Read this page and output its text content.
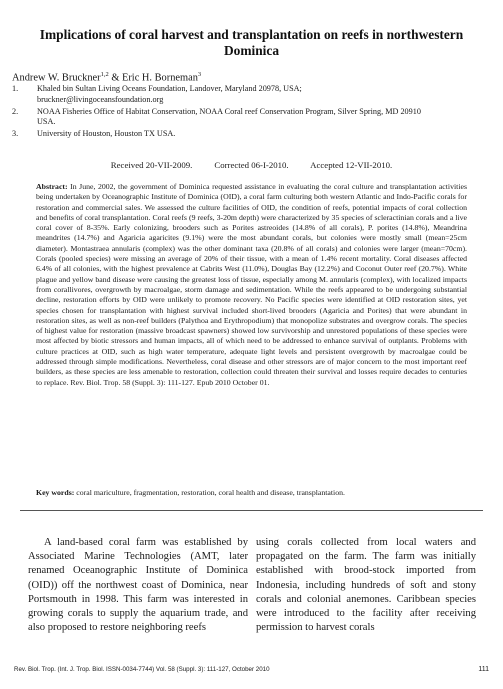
Implications of coral harvest and transplantation on reefs in northwestern Dominica

Andrew W. Bruckner$^{1,2}$ & Eric H. Borneman$^3$

1.	Khaled bin Sultan Living Oceans Foundation, Landover, Maryland 20978, USA;
bruckner@livingoceansfoundation.org
2.	NOAA Fisheries Office of Habitat Conservation, NOAA Coral reef Conservation Program, Silver Spring, MD 20910
USA.
3.	University of Houston, Houston TX USA.
Received 20-VII-2009.	Corrected 06-I-2010. Accepted 12-VII-2010.

Abstract: In June, 2002, the government of Dominica requested assistance in evaluating the coral culture and transplantation activities being undertaken by Oceanographic Institute of Dominica (OID), a coral farm culturing both western Atlantic and Indo-Pacific corals for restoration and commercial sales. We assessed the culture facilities of OID, the condition of reefs, potential impacts of coral collection and benefits of coral transplantation. Coral reefs (9 reefs, 3-20m depth) were characterized by 35 species of scleractinian corals and a live coral cover of 8-35%. Early colonizing, brooders such as Porites astreoides (14.8% of all corals), P. porites (14.8%), Meandrina meandrites (14.7%) and Agaricia agaricites (9.1%) were the most abundant corals, but colonies were mostly small (mean=25cm diameter). Montastraea annularis (complex) was the other dominant taxa (20.8% of all corals) and colonies were larger (mean=70cm). Corals (pooled species) were missing an average of 20% of their tissue, with a mean of 1.4% recent mortality. Coral diseases affected 6.4% of all colonies, with the highest prevalence at Cabrits West (11.0%), Douglas Bay (12.2%) and Coconut Outer reef (20.7%). White plague and yellow band disease were causing the greatest loss of tissue, especially among M. annularis (complex), with localized impacts from corallivores, overgrowth by macroalgae, storm damage and sedimentation. While the reefs appeared to be undergoing substantial decline, restoration efforts by OID were unlikely to promote recovery. No Pacific species were identified at OID restoration sites, yet species chosen for transplantation with highest survival included short-lived brooders (Agaricia and Porites) that were abundant in restoration sites, as well as non-reef builders (Palythoa and Erythropodium) that monopolize substrates and overgrow corals. The species of highest value for restoration (massive broadcast spawners) showed low survivorship and unrestored populations of these species were most affected by biotic stressors and human impacts, all of which need to be addressed to enhance survival of outplants. Problems with culture practices at OID, such as high water temperature, adequate light levels and persistent overgrowth by macroalgae could be addressed through simple modifications. Nevertheless, coral disease and other stressors are of major concern to the most important reef builders, as these species are less amenable to restoration, collection could threaten their survival and losses require decades to centuries to replace. Rev. Biol. Trop. 58 (Suppl. 3): 111-127. Epub 2010 October 01.

Key words: coral mariculture, fragmentation, restoration, coral health and disease, transplantation.

A land-based coral farm was established by Associated Marine Technologies (AMT, later renamed Oceanographic Institute of Dominica (OID)) off the northwest coast of Dominica, near Portsmouth in 1998. This farm was interested in growing corals to supply the aquarium trade, and also proposed to restore neighboring reefs

using corals collected from local waters and propagated on the farm. The farm was initially established with brood-stock imported from Indonesia, including hundreds of soft and stony corals and colonial anemones. Caribbean species were introduced to the facility after receiving permission to harvest corals

Rev. Biol. Trop. (Int. J. Trop. Biol. ISSN-0034-7744) Vol. 58 (Suppl. 3): 111-127, October 2010	111
